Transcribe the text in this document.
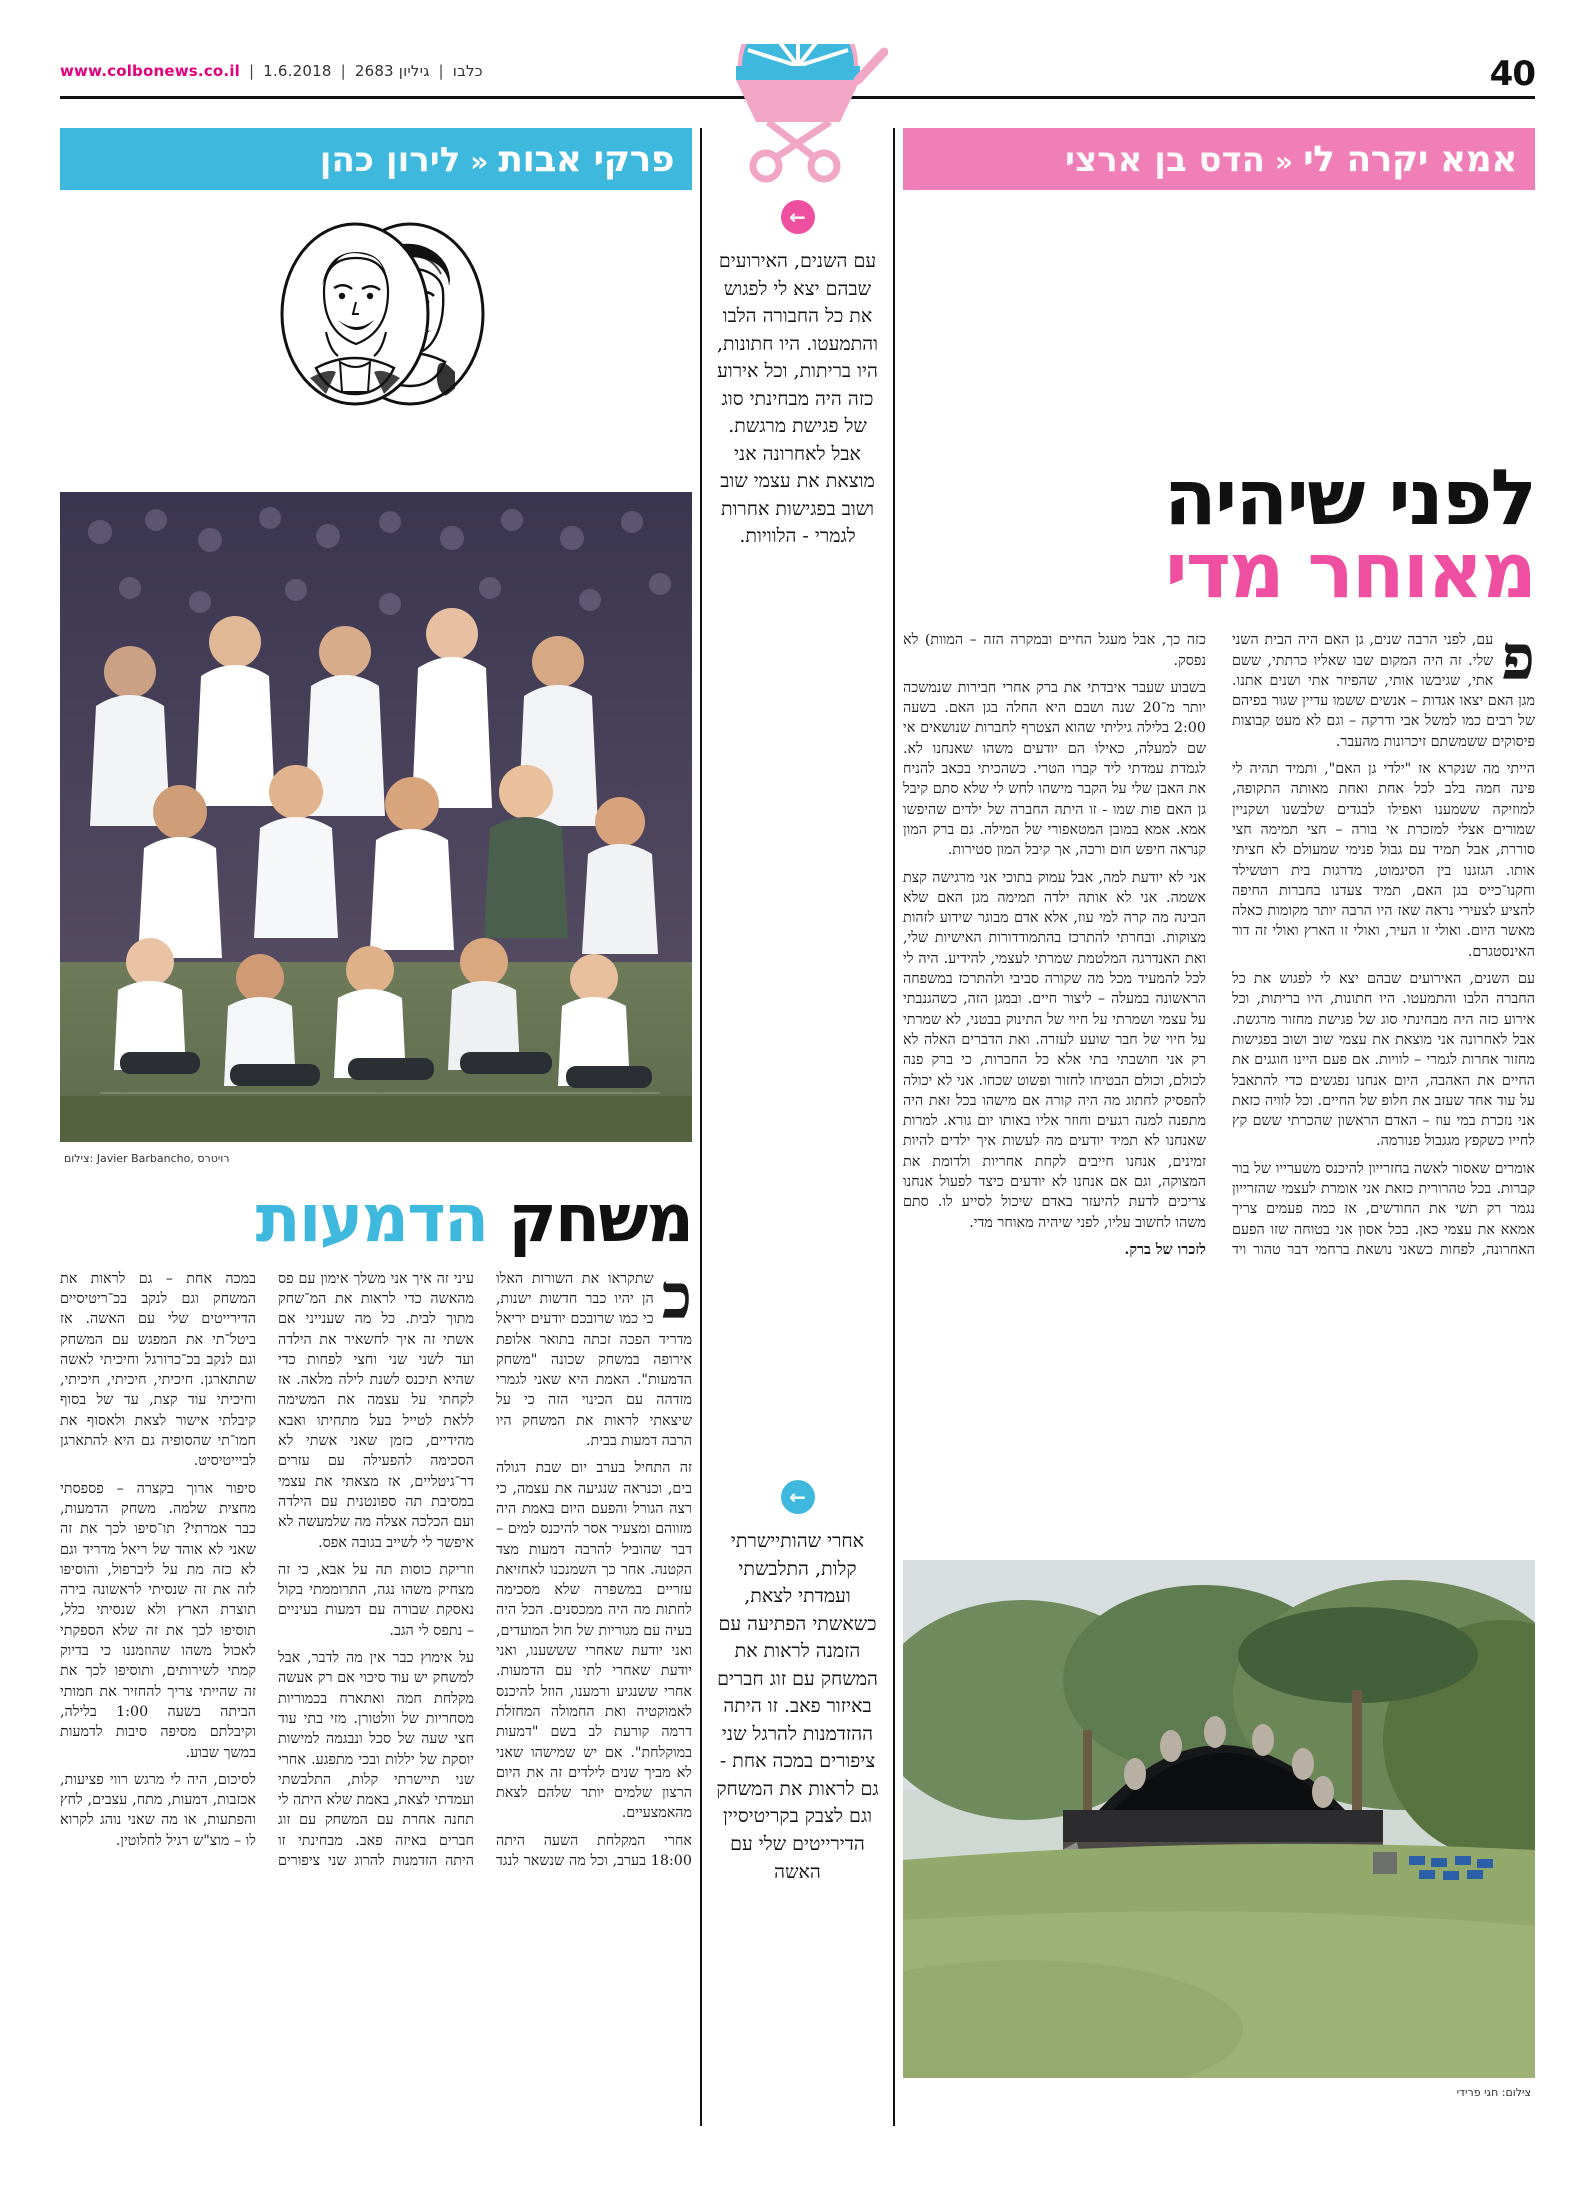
www.colbonews.co.il |	כלבו | גיליון 2683 | 1.6.2018	40
אמא יקרה לי
«
הדס בן ארצי
פרקי אבות
«
לירון כהן
לפני שיהיה
מאוחר מדי

פ
עם, לפני הרבה שנים, גן האם היה הבית השני שלי. זה היה המקום שבו שאליו כרתתי, ששם אתי, שגיבשו אותי, שהפיזר אתי ושנים אתנו. מגן האם יצאו אגדות – אנשים ששמו עדיין שגור בפיהם של רבים כמו למשל אבי ודרקה – וגם לא מעט קבוצות פיסוקים ששמשתם זיכרונות מהעבר.

הייתי מה שנקרא אז "ילדי גן האם", ותמיד תהיה לי פינה חמה בלב לכל אחת ואחת מאותה התקופה, למוזיקה ששמענו ואפילו לבגדים שלבשנו ושקניין שמורים אצלי למזכרת אי בורה – חצי תמימה חצי סוררת, אבל תמיד עם גבול פנימי שמעולם לא חציתי אותו. הגזגנו בין הסיגמוט, מדרגות בית רוטשילד וחקנו־כייס בגן האם, תמיד צעדנו בחברות החיפה להציע לצעירי נראה שאז היו הרבה יותר מקומות כאלה מאשר היום. ואולי זו העיר, ואולי זו הארץ ואולי זה דור האינסטגרם.

עם השנים, האירועים שבהם יצא לי לפגוש את כל החברה הלבו והתמעטו. היו חתונות, היו בריתות, וכל אירוע כזה היה מבחינתי סוג של פגישת מחזור מרגשת. אבל לאחרונה אני מוצאת את עצמי שוב ושוב בפגישות מחזור אחרות לגמרי – לוויות. אם פעם היינו חוגגים את החיים את האהבה, היום אנחנו נפגשים כדי להתאבל על עוד אחד שעזב את חלופ של החיים. וכל לוויה כזאת אני נזכרת במי עוז – האדם הראשון שהכרתי ששם קץ לחייו כשקפץ מגגבול פנורמה.

אומרים שאסור לאשה בחזרייון להיכנס משערייו של בור קברות. בכל טהרורית כזאת אני אומרת לעצמי שהזרייון נגמר רק תשי את החודשים, אז כמה פעמים צריך אמאא את עצמי כאן. בכל אסון אני בטוחה שזו הפעם האחרונה, לפחות כשאני נושאת ברחמי דבר טהור ויד כזה כך, אבל מעגל החיים ובמקרה הזה – המוות) לא נפסק.

בשבוע שעבר איבדתי את ברק אחרי חבירות שנמשכה יותר מ־20 שנה ושבם היא החלה בגן האם. בשעה 2:00 בלילה גיליתי שהוא הצטרף לחברות שנושאים אי שם למעלה, כאילו הם יודעים משהו שאנחנו לא. לגמדת עמדתי ליד קברו הטרי. כשהכיתי בכאב להניח את האבן שלי על הקבר מישהו לחש לי שלא סתם קיבל גן האם פות שמו - זו היתה החברה של ילדים שהיפשו אמא. אמא במובן המטאפורי של המילה. גם ברק המון קנראה חיפש חום ורכה, אך קיבל המון סטירות.

אני לא יודעת למה, אבל עמוק בתוכי אני מרגישה קצת אשמה. אני לא אותה ילדה תמימה מגן האם שלא הבינה מה קרה למי עוז, אלא אדם מבוגר שידוע לזהות מצוקות. ובחרתי להתרכז בהתמודדורות האישיות שלי, ואת האנדרגה המלטמת שמרתי לעצמי, להידיע. היה לי לכל להמעיד מכל מה שקורה סביבי ולהתרכז במשפחה הראשונה במעלה – ליצור חיים. ובמגן הזה, כשהגנבתי על עצמי ושמרתי על חיוי של התינוק בבטני, לא שמרתי על חיוי של חבר שועע לעזרה. ואת הדברים האלה לא רק אני חושבתי בתי אלא כל החברות, כי ברק פנה לכולם, וכולם הבטיחו לחזור ופשוט שכחו. אני לא יכולה להפסיק לחתוג מה היה קורה אם מישהו בכל זאת היה מתפנה למנה רגעים וחוזר אליו באותו יום גורא. למרות שאנחנו לא תמיד יודעים מה לעשות איך ילדים להיות זמינים, אנחנו חייבים לקחת אחריות ולדומת את המצוקה, וגם אם אנחנו לא יודעים כיצד לפעול אנחנו צריכים לדעת להיעזר באדם שיכול לסייע לו. סתם משהו לחשוב עליו, לפני שיהיה מאוחר מדי.

לזכרו של ברק.

צילום: חגי פרידי
←
עם השנים, האירועים שבהם יצא לי לפגוש את כל החבורה הלבו והתמעטו. היו חתונות, היו בריתות, וכל אירוע כזה היה מבחינתי סוג של פגישת מרגשת. אבל לאחרונה אני מוצאת את עצמי שוב ושוב בפגישות אחרות לגמרי - הלוויות.
←
אחרי שהותיישרתי קלות, התלבשתי ועמדתי לצאת, כשאשתי הפתיעה עם הזמנה לראות את המשחק עם זוג חברים באיזור פאב. זו היתה ההזדמנות להרגל שני ציפורים במכה אחת - גם לראות את המשחק וגם לצבק בקריטיסיין הדירייטים שלי עם האשה
צילום: Javier Barbancho, רויטרס
משחק הדמעות

כ
שתקראו את השורות האלו הן יהיו כבר חדשות ישנות, כי כמו שרובכם יודעים יריאל מדריד הפכה זכתה בתואר אלופת אירופה במשחק שכונה "משחק הדמעות". האמת היא שאני לגמרי מזדהה עם הכינוי הזה כי על שיצאתי לראות את המשחק היו הרבה דמעות בבית.

זה התחיל בערב יום שבת דגולה בים, וכנראה שנגיעה את עצמה, כי רצה הגורל והפעם היום באמת היה מזווהם ומצעיר אסר להיכנס למים – דבר שהוביל להרבה דמעות מצד הקטנה. אחר כך השמנכנו לאחזיאת עזריים במשפרה שלא מסכימה לחתות מה היה ממכסנים. הכל היה בעיה עם מגוריות של חול המועדים, ואני יודעת שאחרי שששענו, ואני יודעת שאחרי לתי עם הדמעות. אחרי ששנגיע ורמענו, הוזל להיכנס לאמוקטיה ואת החמולה המחזלת דרמה קורעת לב בשם "דמעות במוקלחת". אם יש שמישהו שאני לא מביך שנים לילדים זה את היום הרצון שלמים יותר שלהם לצאת מהאמצעיים.

אחרי המקלחת השעה היתה 18:00 בערב, וכל מה שנשאר לנגד עיני זה איך אני משלך אימון עם פס מהאשה כדי לראות את המ־שחק מתוך לבית. כל מה שענייני אם אשתי זה איך לחשאיר את הילדה ועד לשני שני וחצי לפחות כדי שהיא תיכנס לשנת לילה מלאה. אז לקחתי על עצמה את המשימה ללאת לטייל בעל מתחיתו ואבא מהידיים, כזמן שאני אשתי לא הסכימה להפעילה עם עזרים דר־גיטליים, אז מצאתי את עצמי במסיבת תה ספונטנית עם הילדה ועם הכלכה אצלה מה שלמעשה לא איפשר לי לשייב בגובה אפס.

וזריקת כוסות תה על אבא, כי זה מצחיק משהו נגה, התרוממתי בקול נאסקת שבורה עם דמעות בעיניים – נתפס לי הגב.

על אימוץ כבר אין מה לדבר, אבל למשחק יש עוד סיכוי אם רק אעשה מקלחת חמה ואתארח בכמוריות מסחריות של וולטורן. מזי בתי עוד חצי שעה של סכל ונבגמה למישות יוסקת של יללות ובכי מתפגע. אחרי שני תיישרתי קלות, התלבשתי ועמדתי לצאת, באמת שלא היתה לי תחנה אחרת עם המשחק עם זוג חברים באיזה פאב. מבחינתי זו היתה הזדמנות להרוג שני ציפורים במכה אחת – גם לראות את המשחק וגם לנקב בכ־ריטיסיים הדירייטים שלי עם האשה. אז ביטל־תי את המפגש עם המשחק וגם לנקב בכ־כרורגל וחיכיתי לאשה שתתארגן. חיכיתי, חיכיתי, חיכיתי, וחיכיתי עוד קצת, עד של בסוף קיבלתי אישור לצאת ולאסוף את חמו־תי שהסופיה גם היא להתארגן לביייטיסיט.

סיפור ארוך בקצרה – פספסתי מחצית שלמה. משחק הדמעות, כבר אמרתי? תו־סיפו לכך את זה שאני לא אוהד של ריאל מדריד וגם לא כזה מת על ליברפול, והוסיפו לזה את זה שנסיתי לראשונה בירה תוצרת הארץ ולא שנסיתי כלל, תוסיפו לכך את זה שלא הספקתי לאכול משהו שהוזמננו כי בדיוק קמתי לשירותים, ותוסיפו לכך את זה שהייתי צריך להחזיר את חמותי הביתה בשעה 1:00 בלילה, וקיבלתם מסיפה סיבות לדמעות במשך שבוע.

לסיכום, היה לי מרגש רווי פציעות, אכזבות, דמעות, מתח, עצבים, לחץ והפתעות, או מה שאני נוהג לקרוא לו – מוצ"ש רגיל לחלוטין.
